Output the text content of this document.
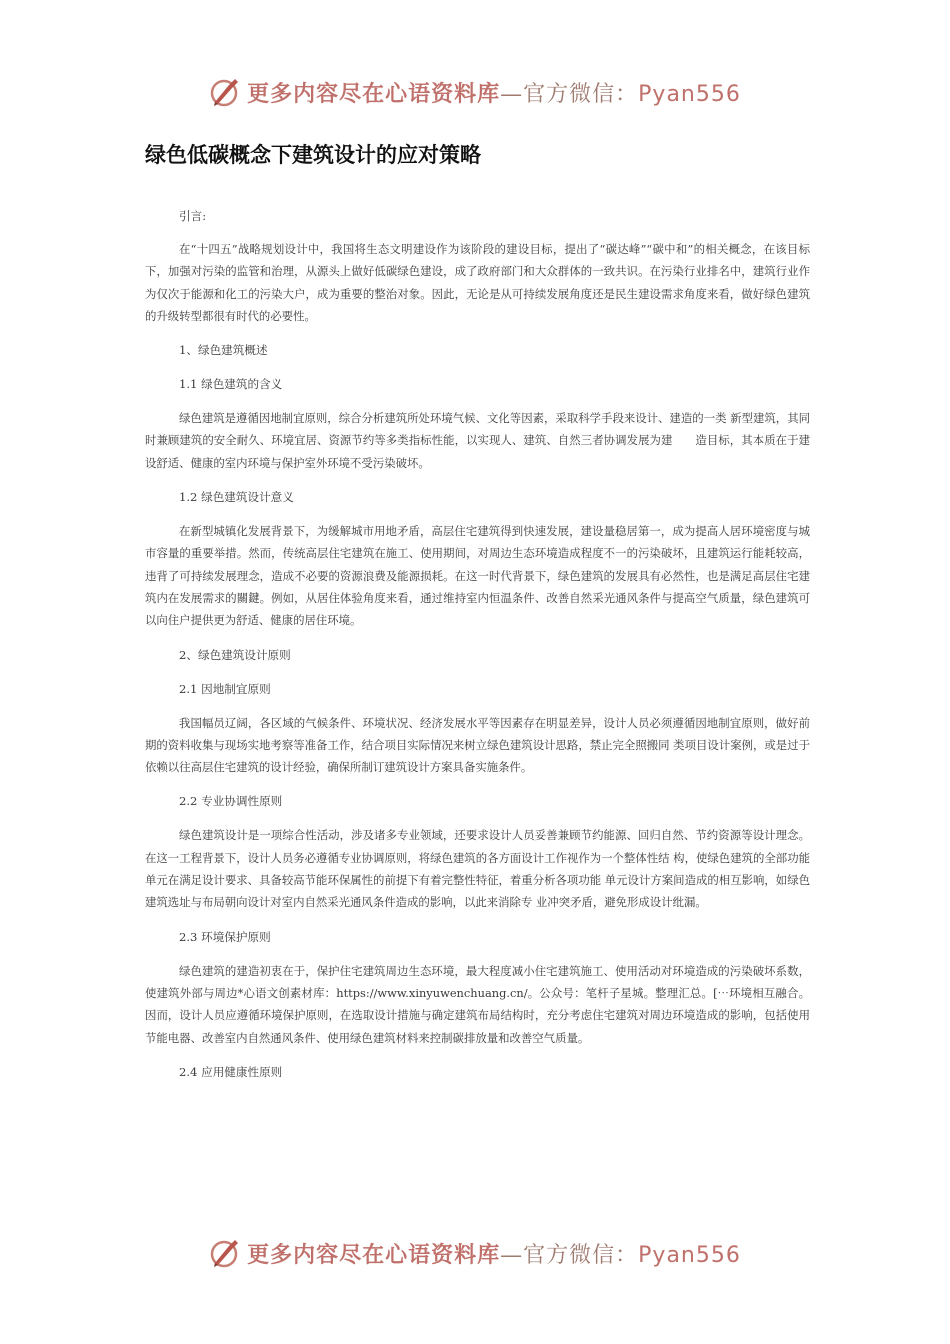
更多内容尽在心语资料库—官方微信：Pyan556
绿色低碳概念下建筑设计的应对策略

引言:

在“十四五”战略规划设计中，我国将生态文明建设作为该阶段的建设目标，提出了“碳达峰”“碳中和”的相关概念，在该目标下，加强对污染的监管和治理，从源头上做好低碳绿色建设，成了政府部门和大众群体的一致共识。在污染行业排名中，建筑行业作为仅次于能源和化工的污染大户，成为重要的整治对象。因此，无论是从可持续发展角度还是民生建设需求角度来看，做好绿色建筑的升级转型都很有时代的必要性。

1、绿色建筑概述

1.1 绿色建筑的含义

绿色建筑是遵循因地制宜原则，综合分析建筑所处环境气候、文化等因素，采取科学手段来设计、建造的一类 新型建筑，其同时兼顾建筑的安全耐久、环境宜居、资源节约等多类指标性能，以实现人、建筑、自然三者协调发展为建　　造目标，其本质在于建设舒适、健康的室内环境与保护室外环境不受污染破坏。

1.2 绿色建筑设计意义

在新型城镇化发展背景下，为缓解城市用地矛盾，高层住宅建筑得到快速发展，建设量稳居第一，成为提高人居环境密度与城市容量的重要举措。然而，传统高层住宅建筑在施工、使用期间，对周边生态环境造成程度不一的污染破坏，且建筑运行能耗较高，违背了可持续发展理念，造成不必要的资源浪费及能源损耗。在这一时代背景下，绿色建筑的发展具有必然性，也是满足高层住宅建筑内在发展需求的關鍵。例如，从居住体验角度来看，通过维持室内恒温条件、改善自然采光通风条件与提高空气质量，绿色建筑可以向住户提供更为舒适、健康的居住环境。

2、绿色建筑设计原则

2.1 因地制宜原则

我国幅员辽阔，各区域的气候条件、环境状况、经济发展水平等因素存在明显差异，设计人员必须遵循因地制宜原则，做好前期的资料收集与现场实地考察等准备工作，结合项目实际情况来树立绿色建筑设计思路，禁止完全照搬同 类项目设计案例，或是过于依赖以往高层住宅建筑的设计经验，确保所制订建筑设计方案具备实施条件。

2.2 专业协调性原则

绿色建筑设计是一项综合性活动，涉及诸多专业领域，还要求设计人员妥善兼顾节约能源、回归自然、节约资源等设计理念。在这一工程背景下，设计人员务必遵循专业协调原则，将绿色建筑的各方面设计工作视作为一个整体性结 构，使绿色建筑的全部功能单元在满足设计要求、具备较高节能环保属性的前提下有着完整性特征，着重分析各项功能 单元设计方案间造成的相互影响，如绿色建筑选址与布局朝向设计对室内自然采光通风条件造成的影响，以此来消除专 业冲突矛盾，避免形成设计纰漏。

2.3 环境保护原则

绿色建筑的建造初衷在于，保护住宅建筑周边生态环境，最大程度减小住宅建筑施工、使用活动对环境造成的污染破坏系数，使建筑外部与周边*心语文创素材库：https://www.xinyuwenchuang.cn/。公众号：笔杆子星城。整理汇总。[⋯环境相互融合。因而，设计人员应遵循环境保护原则，在选取设计措施与确定建筑布局结构时，充分考虑住宅建筑对周边环境造成的影响，包括使用节能电器、改善室内自然通风条件、使用绿色建筑材料来控制碳排放量和改善空气质量。

2.4 应用健康性原则

更多内容尽在心语资料库—官方微信：Pyan556
